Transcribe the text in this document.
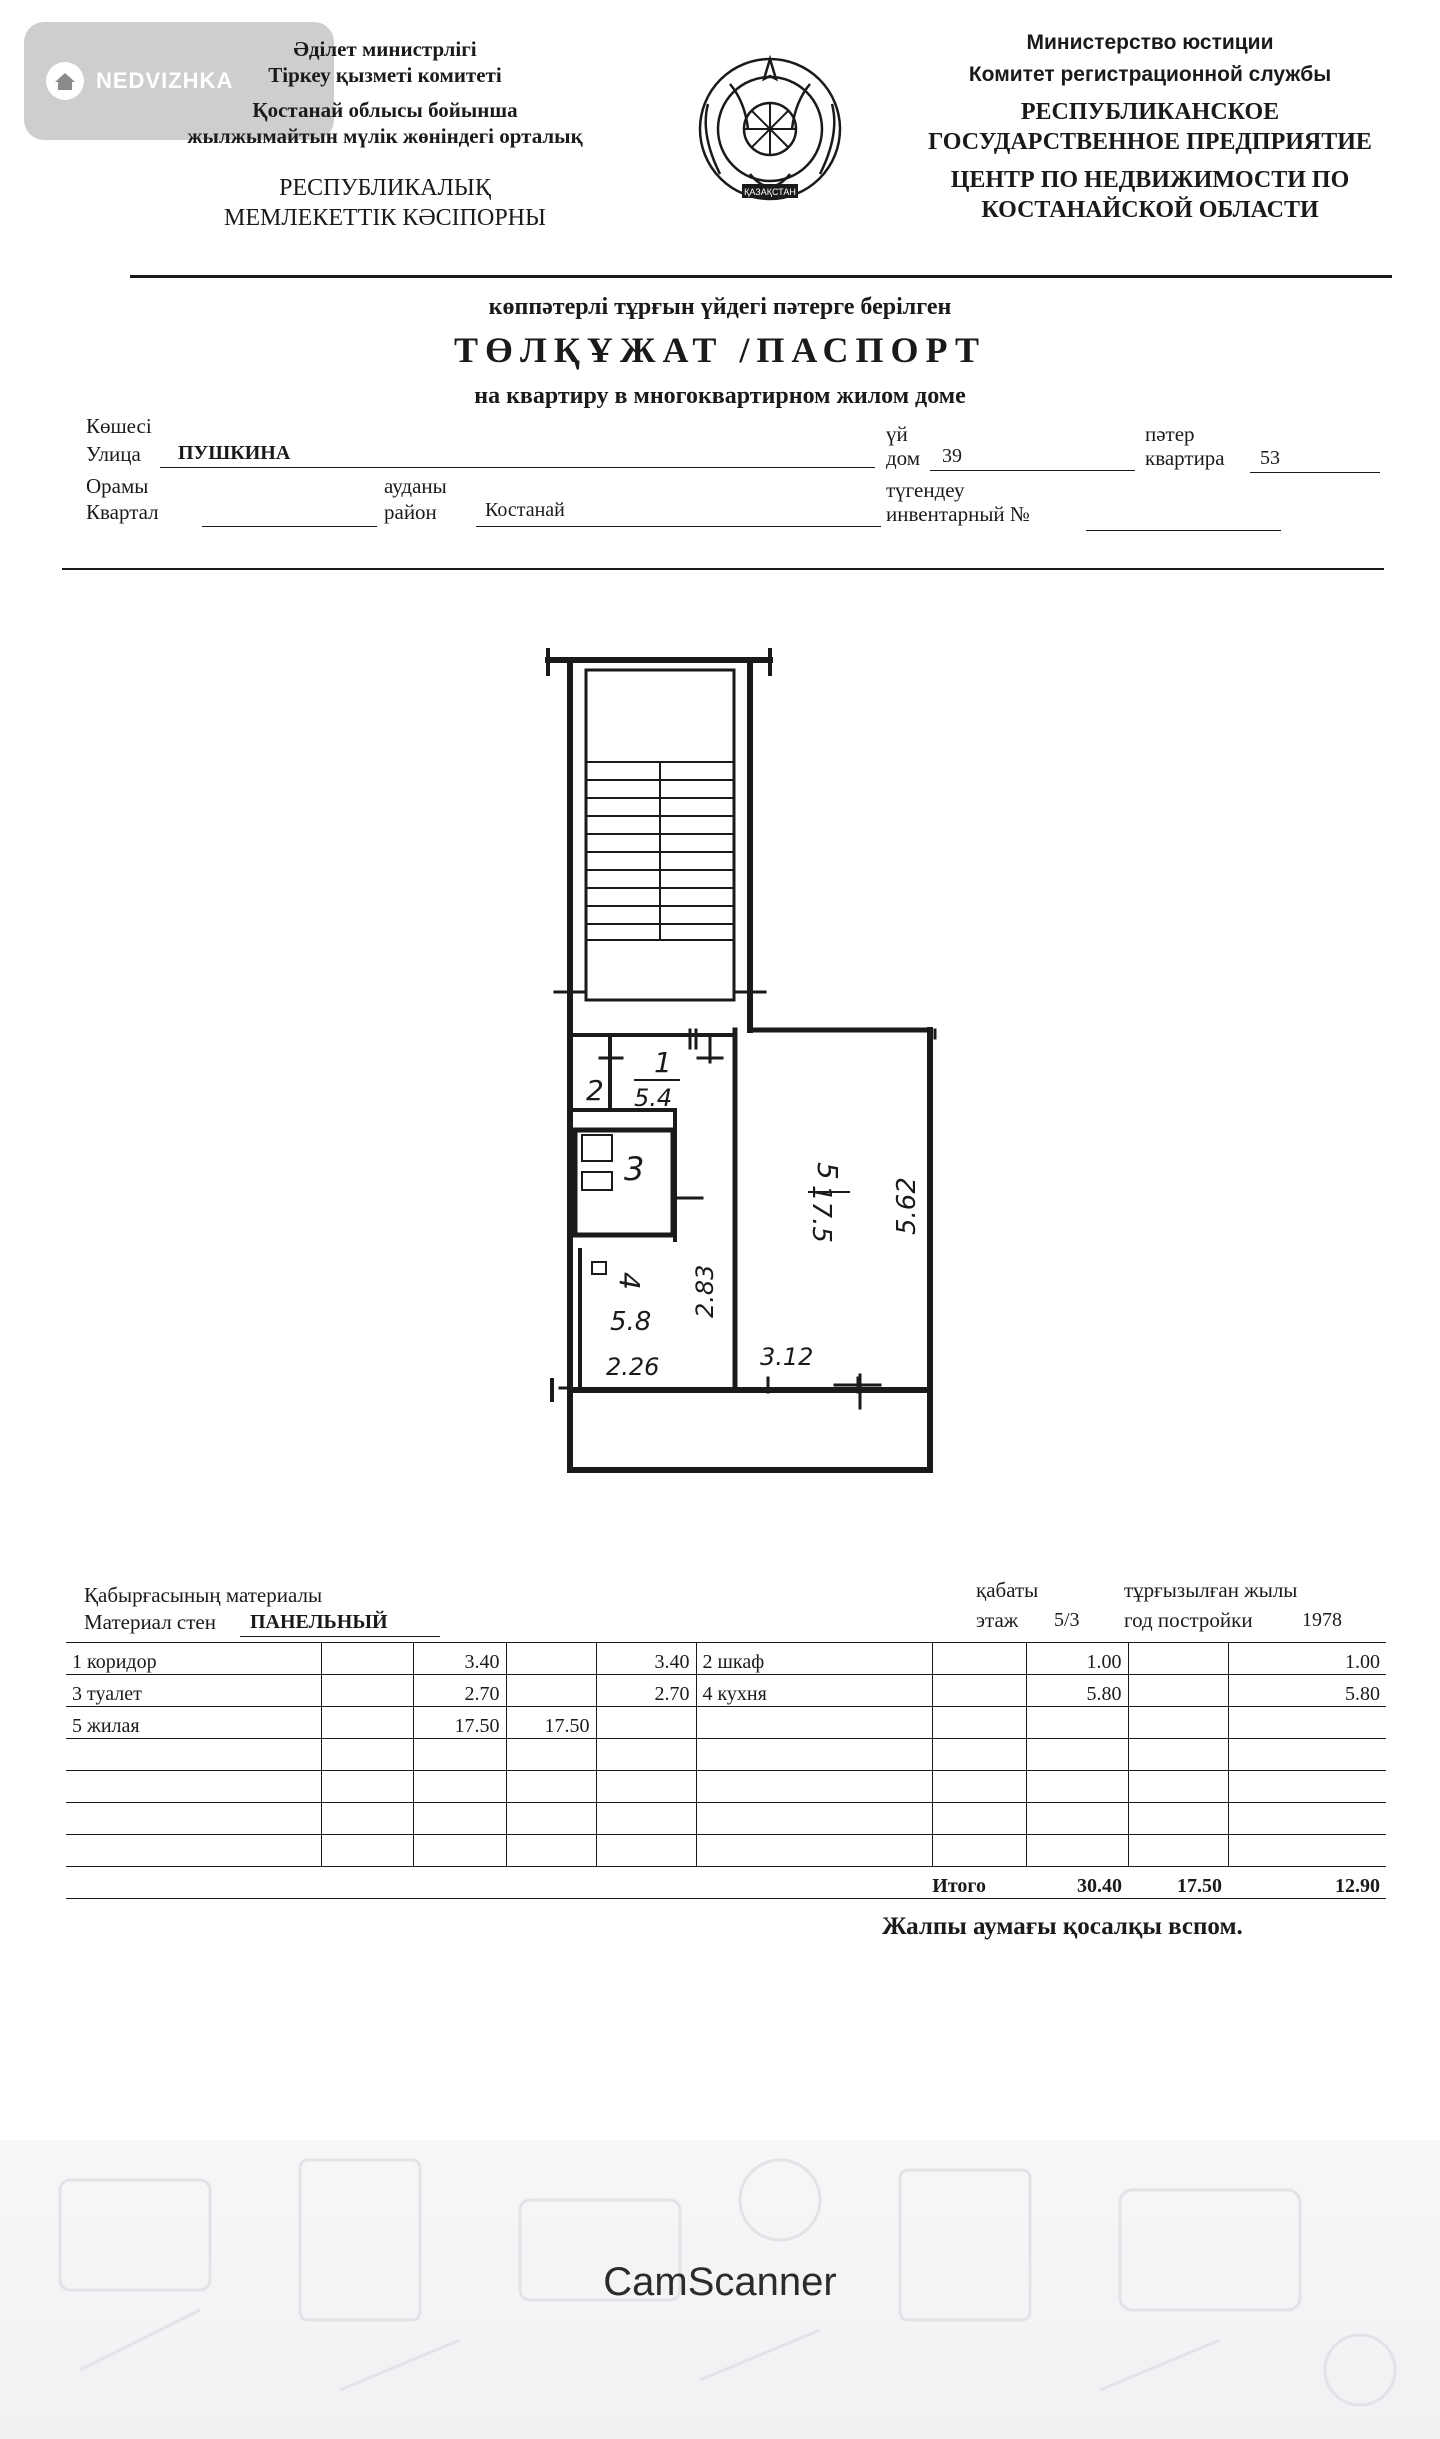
NEDVIZHKA
Әділет министрлігі
Тіркеу қызметі комитеті
Қостанай облысы бойынша
жылжымайтын мүлік жөніндегі орталық
РЕСПУБЛИКАЛЫҚ
МЕМЛЕКЕТТІК КӘСІПОРНЫ
ҚАЗАҚСТАН
Министерство юстиции
Комитет регистрационной службы
РЕСПУБЛИКАНСКОЕ
ГОСУДАРСТВЕННОЕ ПРЕДПРИЯТИЕ
ЦЕНТР ПО НЕДВИЖИМОСТИ ПО
КОСТАНАЙСКОЙ ОБЛАСТИ
көппәтерлі тұрғын үйдегі пәтерге берілген
ТӨЛҚҰЖАТ /ПАСПОРТ
на квартиру в многоквартирном жилом доме
Көшесі
Улица ПУШКИНА
үй
дом 39
пәтер
квартира 53
Орамы
Квартал
ауданы
район Костанай
түгендеу
инвентарный №
1
5.4
2
3
4
5.8
5
17.5 5.62
2.83
2.26	3.12
Қабырғасының материалы
Материал стен ПАНЕЛЬНЫЙ
қабаты
этаж 5/3
тұрғызылған жылы
год постройки 1978
1 коридор		3.40		3.40	2 шкаф		1.00		1.00
3 туалет		2.70		2.70	4 кухня		5.80		5.80
5 жилая		17.50	17.50						

					Итого		30.40	17.50	12.90
Жалпы аумағы қосалқы вспом.
CamScanner
